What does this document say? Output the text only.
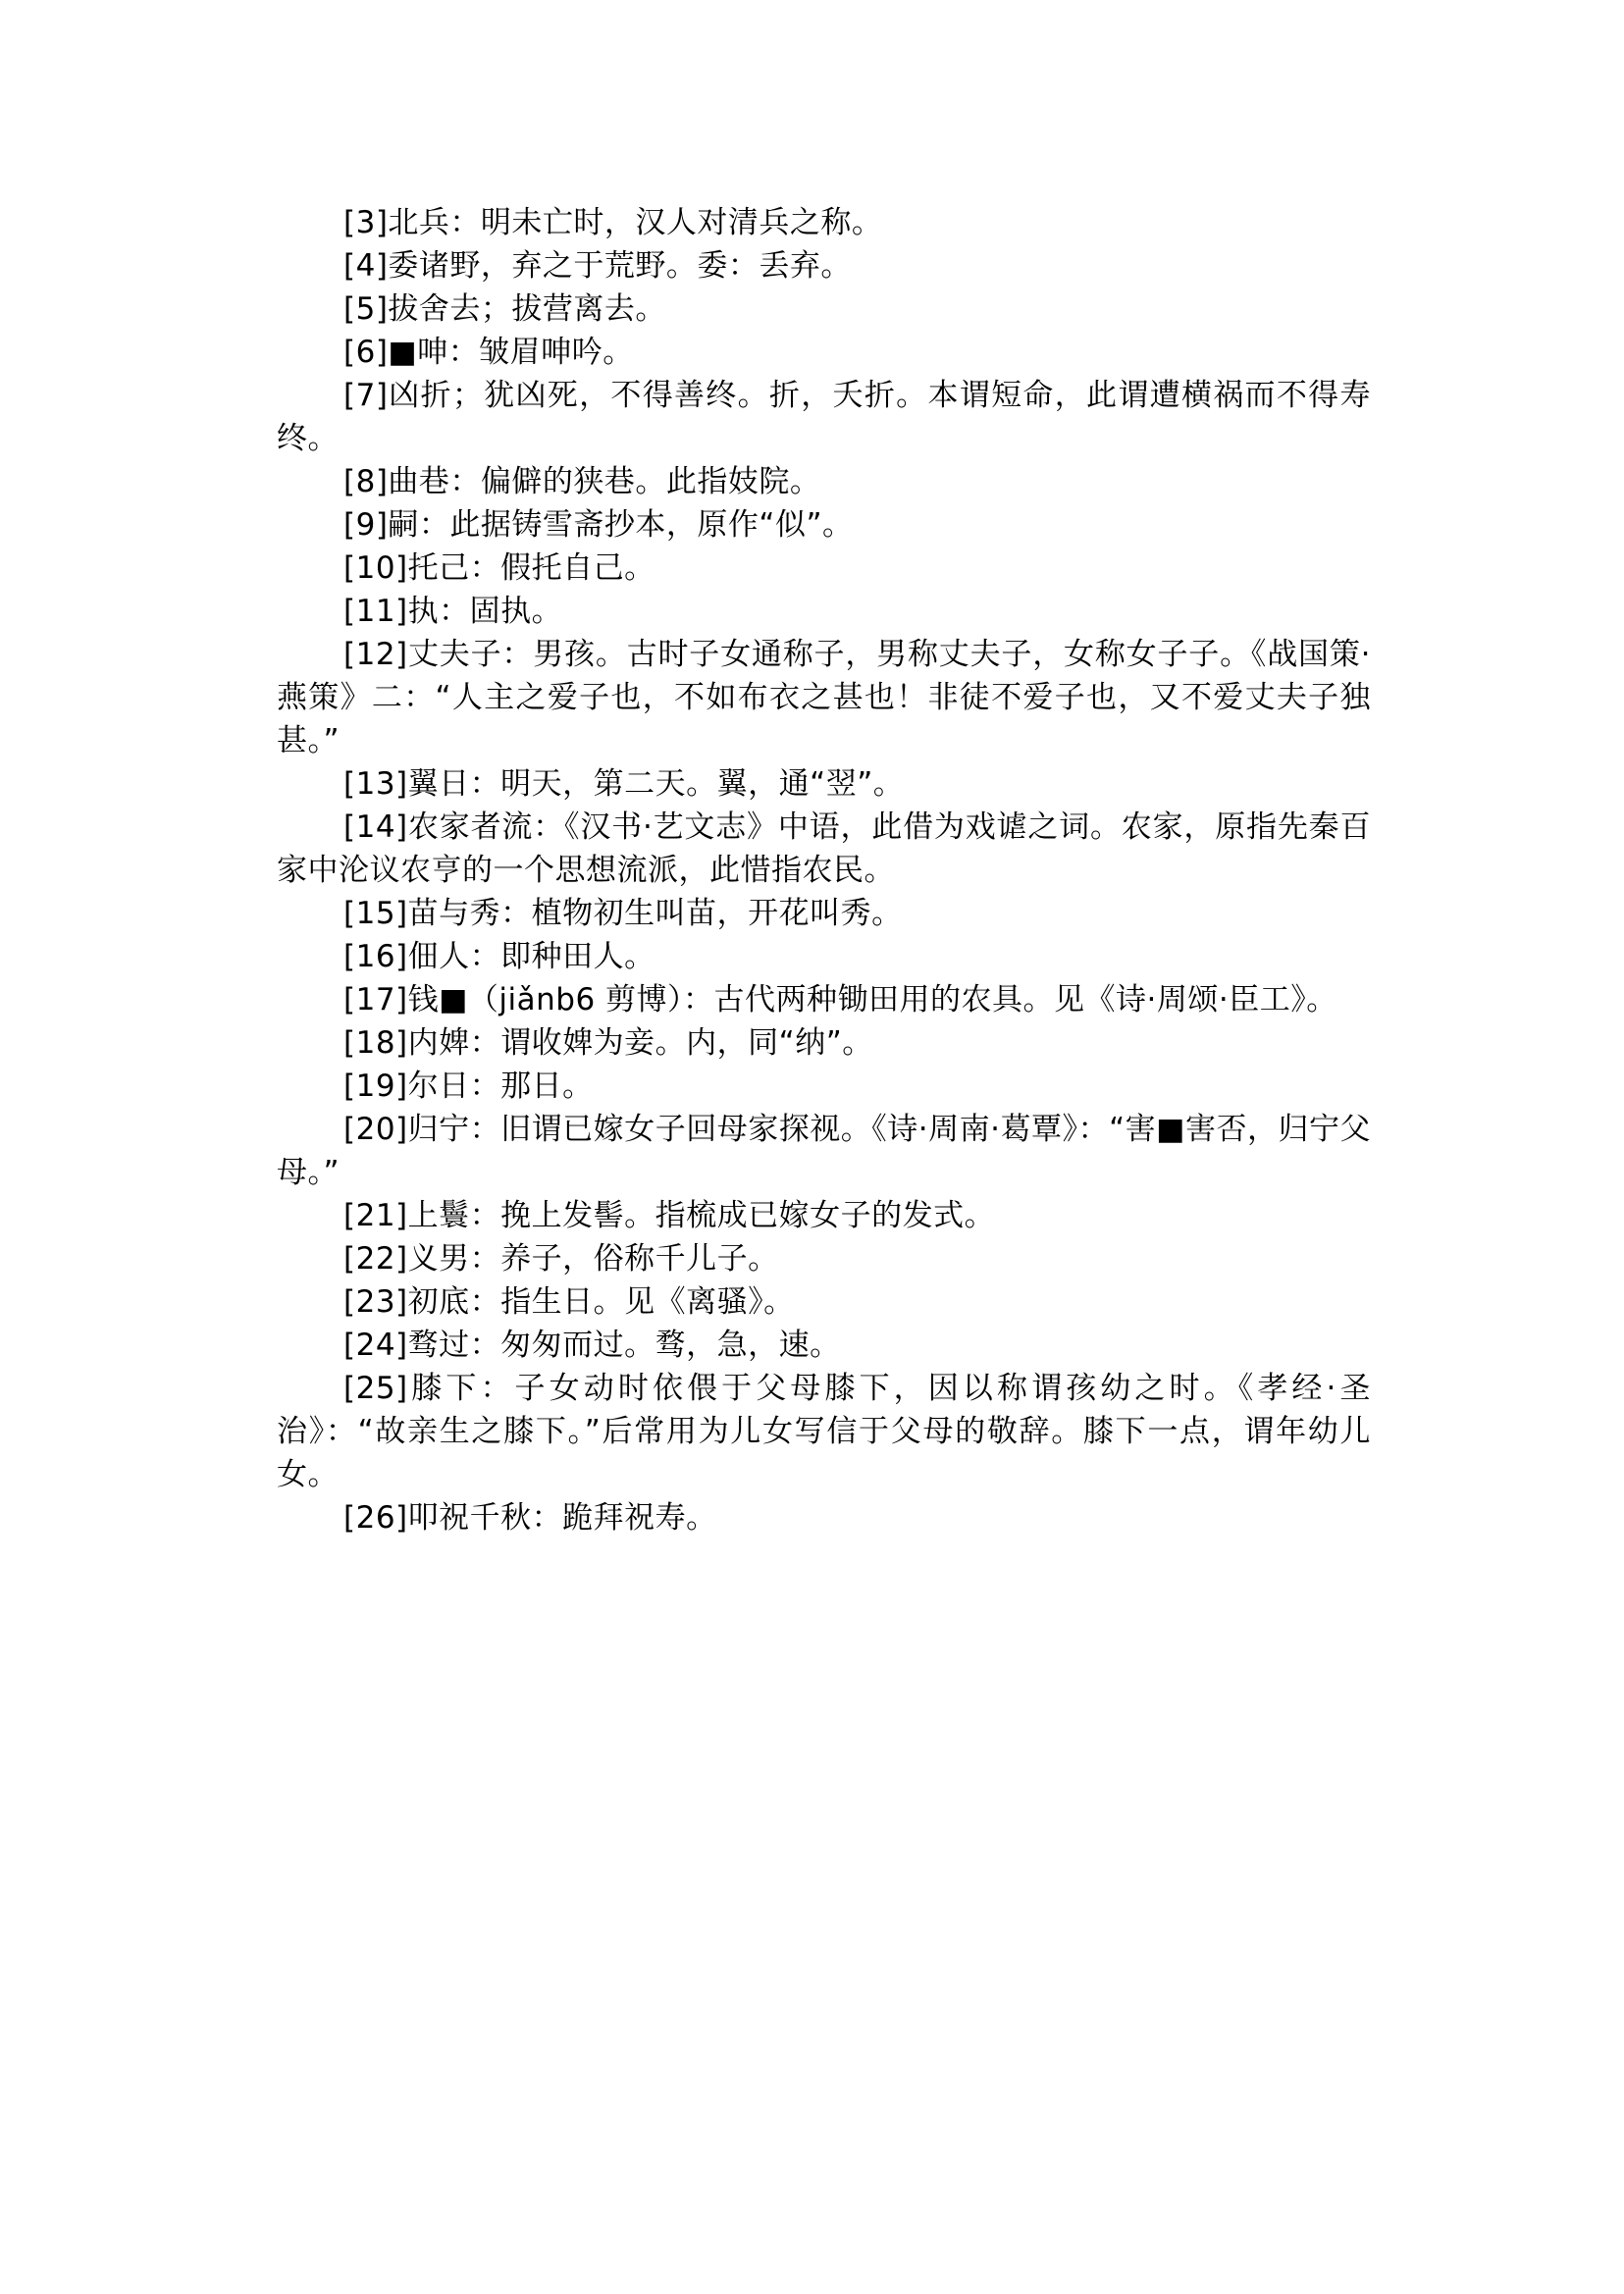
[3]北兵：明未亡时，汉人对清兵之称。

[4]委诸野，弃之于荒野。委：丢弃。

[5]拔舍去；拔营离去。

[6]■呻：皱眉呻吟。

[7]凶折；犹凶死，不得善终。折，夭折。本谓短命，此谓遭横祸而不得寿终。

[8]曲巷：偏僻的狭巷。此指妓院。

[9]嗣：此据铸雪斋抄本，原作“似”。

[10]托己：假托自己。

[11]执：固执。

[12]丈夫子：男孩。古时子女通称子，男称丈夫子，女称女子子。《战国策·燕策》二：“人主之爱子也，不如布衣之甚也！非徒不爱子也，又不爱丈夫子独甚。”

[13]翼日：明天，第二天。翼，通“翌”。

[14]农家者流：《汉书·艺文志》中语，此借为戏谑之词。农家，原指先秦百家中沦议农亨的一个思想流派，此惜指农民。

[15]苗与秀：植物初生叫苗，开花叫秀。

[16]佃人：即种田人。

[17]钱■（jiǎnb6 剪博）：古代两种锄田用的农具。见《诗·周颂·臣工》。

[18]内婢：谓收婢为妾。内，同“纳”。

[19]尔日：那日。

[20]归宁：旧谓已嫁女子回母家探视。《诗·周南·葛覃》：“害■害否，归宁父母。”

[21]上鬟：挽上发髻。指梳成已嫁女子的发式。

[22]义男：养子，俗称千儿子。

[23]初底：指生日。见《离骚》。

[24]骛过：匆匆而过。骛，急，速。

[25]膝下：子女动时依偎于父母膝下，因以称谓孩幼之时。《孝经·圣治》：“故亲生之膝下。”后常用为儿女写信于父母的敬辞。膝下一点，谓年幼儿女。

[26]叩祝千秋：跪拜祝寿。
